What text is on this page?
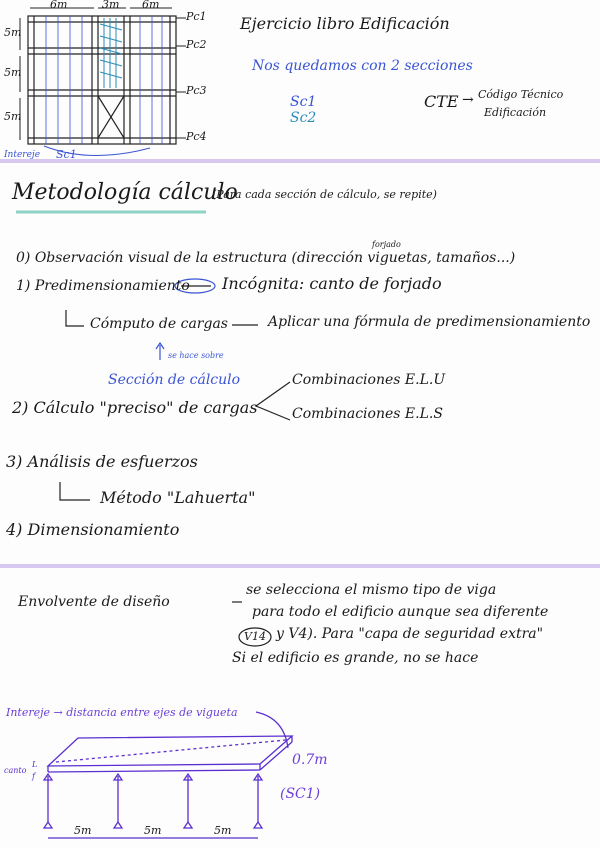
Ejercicio libro Edificación
Nos quedamos con 2 secciones
Sc1
Sc2
CTE → Código Técnico
Edificación
6m	3m 6m
5m
5m
5m
Pc1
Pc2
Pc3
Pc4
Intereje Sc1
Metodología cálculo
(Para cada sección de cálculo, se repite)
forjado
0) Observación visual de la estructura (dirección viguetas, tamaños...)
1) Predimensionamiento Incógnita: canto de forjado
Cómputo de cargas	Aplicar una fórmula de predimensionamiento
se hace sobre
Sección de cálculo	Combinaciones E.L.U
Combinaciones E.L.S
2) Cálculo "preciso" de cargas
3) Análisis de esfuerzos
Método "Lahuerta"
4) Dimensionamiento
Envolvente de diseño
se selecciona el mismo tipo de viga
para todo el edificio aunque sea diferente
V14 y V4). Para "capa de seguridad extra"
Si el edificio es grande, no se hace
Intereje → distancia entre ejes de vigueta
0.7m
canto
L
f
(SC1)
5m	5m	5m
